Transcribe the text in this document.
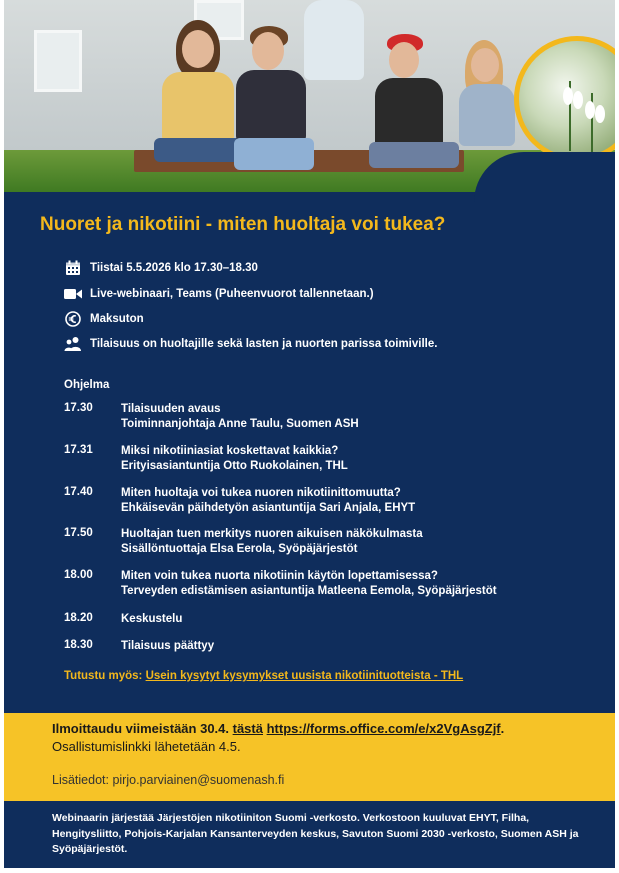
Nuoret ja nikotiini - miten huoltaja voi tukea?
Tiistai 5.5.2026 klo 17.30–18.30
Live-webinaari, Teams (Puheenvuorot tallennetaan.)
Maksuton
Tilaisuus on huoltajille sekä lasten ja nuorten parissa toimiville.
Ohjelma
17.30 Tilaisuuden avaus
Toiminnanjohtaja Anne Taulu, Suomen ASH
17.31 Miksi nikotiiniasiat koskettavat kaikkia?
Erityisasiantuntija Otto Ruokolainen, THL
17.40 Miten huoltaja voi tukea nuoren nikotiinittomuutta?
Ehkäisevän päihdetyön asiantuntija Sari Anjala, EHYT
17.50 Huoltajan tuen merkitys nuoren aikuisen näkökulmasta
Sisällöntuottaja Elsa Eerola, Syöpäjärjestöt
18.00 Miten voin tukea nuorta nikotiinin käytön lopettamisessa?
Terveyden edistämisen asiantuntija Matleena Eemola, Syöpäjärjestöt
18.20 Keskustelu
18.30 Tilaisuus päättyy
Tutustu myös: Usein kysytyt kysymykset uusista nikotiinituotteista - THL
Ilmoittaudu viimeistään 30.4. tästä https://forms.office.com/e/x2VgAsgZjf.
Osallistumislinkki lähetetään 4.5.
Lisätiedot: pirjo.parviainen@suomenash.fi
Webinaarin järjestää Järjestöjen nikotiiniton Suomi -verkosto. Verkostoon kuuluvat EHYT, Filha, Hengitysliitto, Pohjois-Karjalan Kansanterveyden keskus, Savuton Suomi 2030 -verkosto, Suomen ASH ja Syöpäjärjestöt.
